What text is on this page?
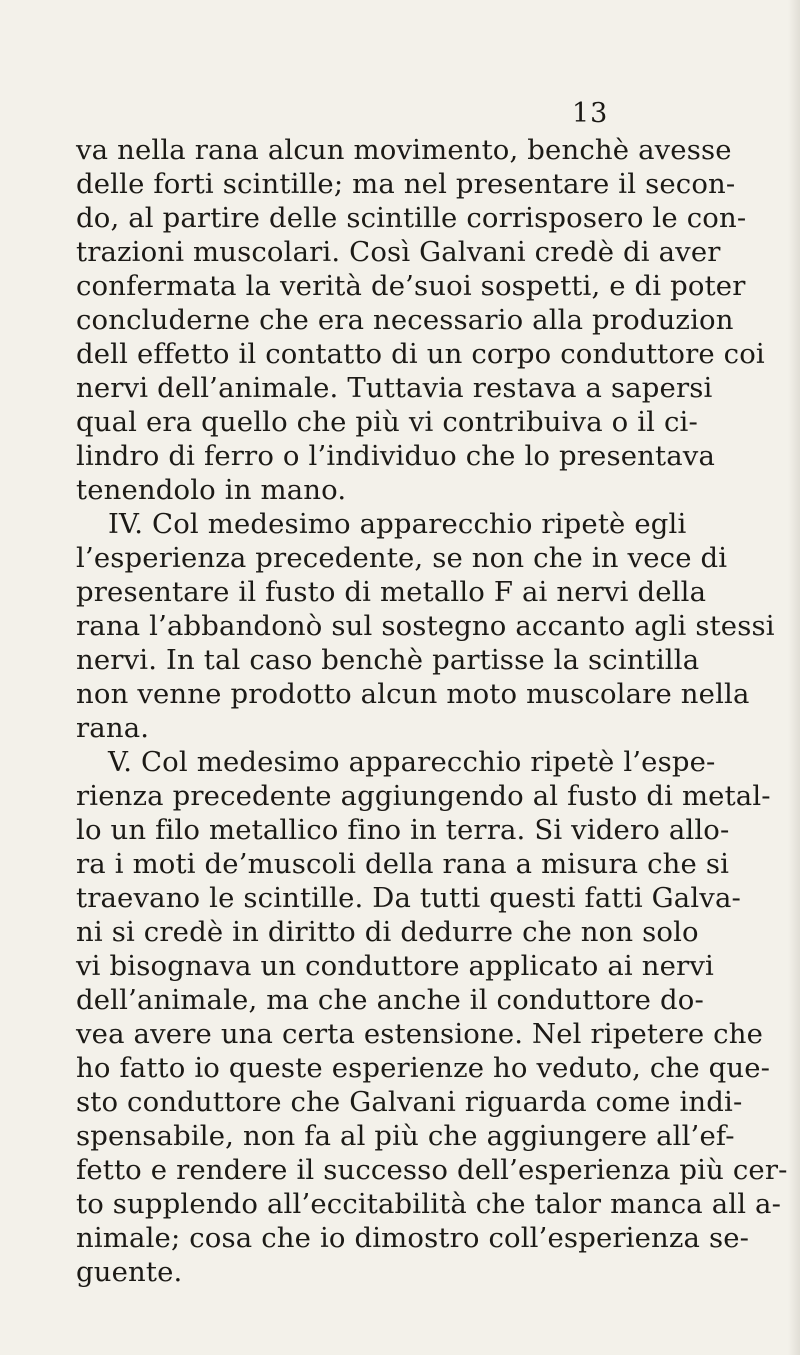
13
va nella rana alcun movimento, benchè avesse
delle forti scintille; ma nel presentare il secon-
do, al partire delle scintille corrisposero le con-
trazioni muscolari. Così Galvani credè di aver
confermata la verità de’suoi sospetti, e di poter
concluderne che era necessario alla produzion
dell effetto il contatto di un corpo conduttore coi
nervi dell’animale. Tuttavia restava a sapersi
qual era quello che più vi contribuiva o il ci-
lindro di ferro o l’individuo che lo presentava
tenendolo in mano.
IV. Col medesimo apparecchio ripetè egli
l’esperienza precedente, se non che in vece di
presentare il fusto di metallo F ai nervi della
rana l’abbandonò sul sostegno accanto agli stessi
nervi. In tal caso benchè partisse la scintilla
non venne prodotto alcun moto muscolare nella
rana.
V. Col medesimo apparecchio ripetè l’espe-
rienza precedente aggiungendo al fusto di metal-
lo un filo metallico fino in terra. Si videro allo-
ra i moti de’muscoli della rana a misura che si
traevano le scintille. Da tutti questi fatti Galva-
ni si credè in diritto di dedurre che non solo
vi bisognava un conduttore applicato ai nervi
dell’animale, ma che anche il conduttore do-
vea avere una certa estensione. Nel ripetere che
ho fatto io queste esperienze ho veduto, che que-
sto conduttore che Galvani riguarda come indi-
spensabile, non fa al più che aggiungere all’ef-
fetto e rendere il successo dell’esperienza più cer-
to supplendo all’eccitabilità che talor manca all a-
nimale; cosa che io dimostro coll’esperienza se-
guente.
